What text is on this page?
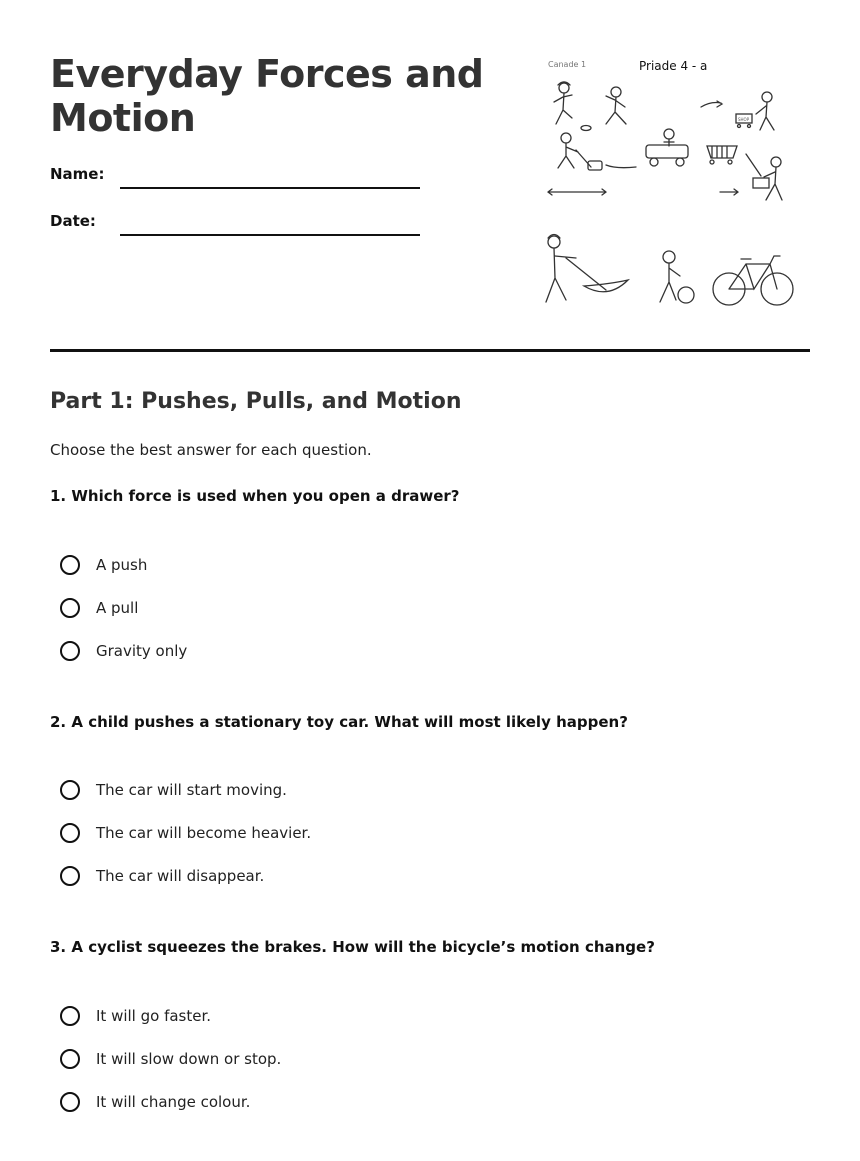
Everyday Forces and
Motion
Name:
Date:
Canade 1	Priade 4 - a
SHOP
Part 1: Pushes, Pulls, and Motion
Choose the best answer for each question.
1. Which force is used when you open a drawer?
A push
A pull
Gravity only
2. A child pushes a stationary toy car. What will most likely happen?
The car will start moving.
The car will become heavier.
The car will disappear.
3. A cyclist squeezes the brakes. How will the bicycle’s motion change?
It will go faster.
It will slow down or stop.
It will change colour.
